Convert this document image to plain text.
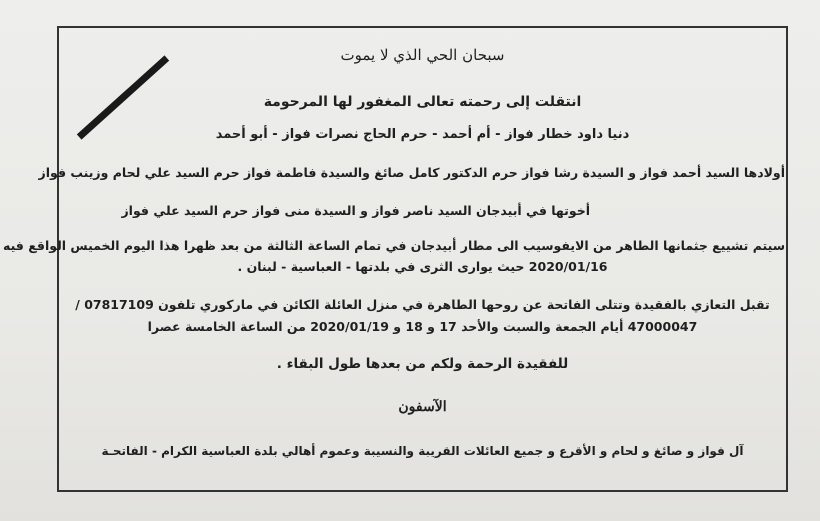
سبحان الحي الذي لا يموت
انتقلت إلى رحمته تعالى المغفور لها المرحومة
دنيا داود خطار فواز - أم أحمد - حرم الحاج نصرات فواز - أبو أحمد
أولادها السيد أحمد فواز و السيدة رشا فواز حرم الدكتور كامل صائغ والسيدة فاطمة فواز حرم السيد علي لحام وزينب فواز
أخوتها في أبيدجان السيد ناصر فواز و السيدة منى فواز حرم السيد علي فواز
سيتم تشييع جثمانها الطاهر من الايفوسيب الى مطار أبيدجان في تمام الساعة الثالثة من بعد ظهرا هذا اليوم الخميس الواقع فيه
2020/01/16 حيث يوارى الثرى في بلدتها - العباسية - لبنان .
تقبل التعازي بالفقيدة وتتلى الفاتحة عن روحها الطاهرة في منزل العائلة الكائن في ماركوري تلفون 07817109 /
47000047 أيام الجمعة والسبت والأحد 17 و 18 و 2020/01/19 من الساعة الخامسة عصرا
للفقيدة الرحمة ولكم من بعدها طول البقاء .
الآسفون
آل فواز و صائغ و لحام و الأقرع و جميع العائلات القريبة والنسيبة وعموم أهالي بلدة العباسية الكرام - الفاتحـة
